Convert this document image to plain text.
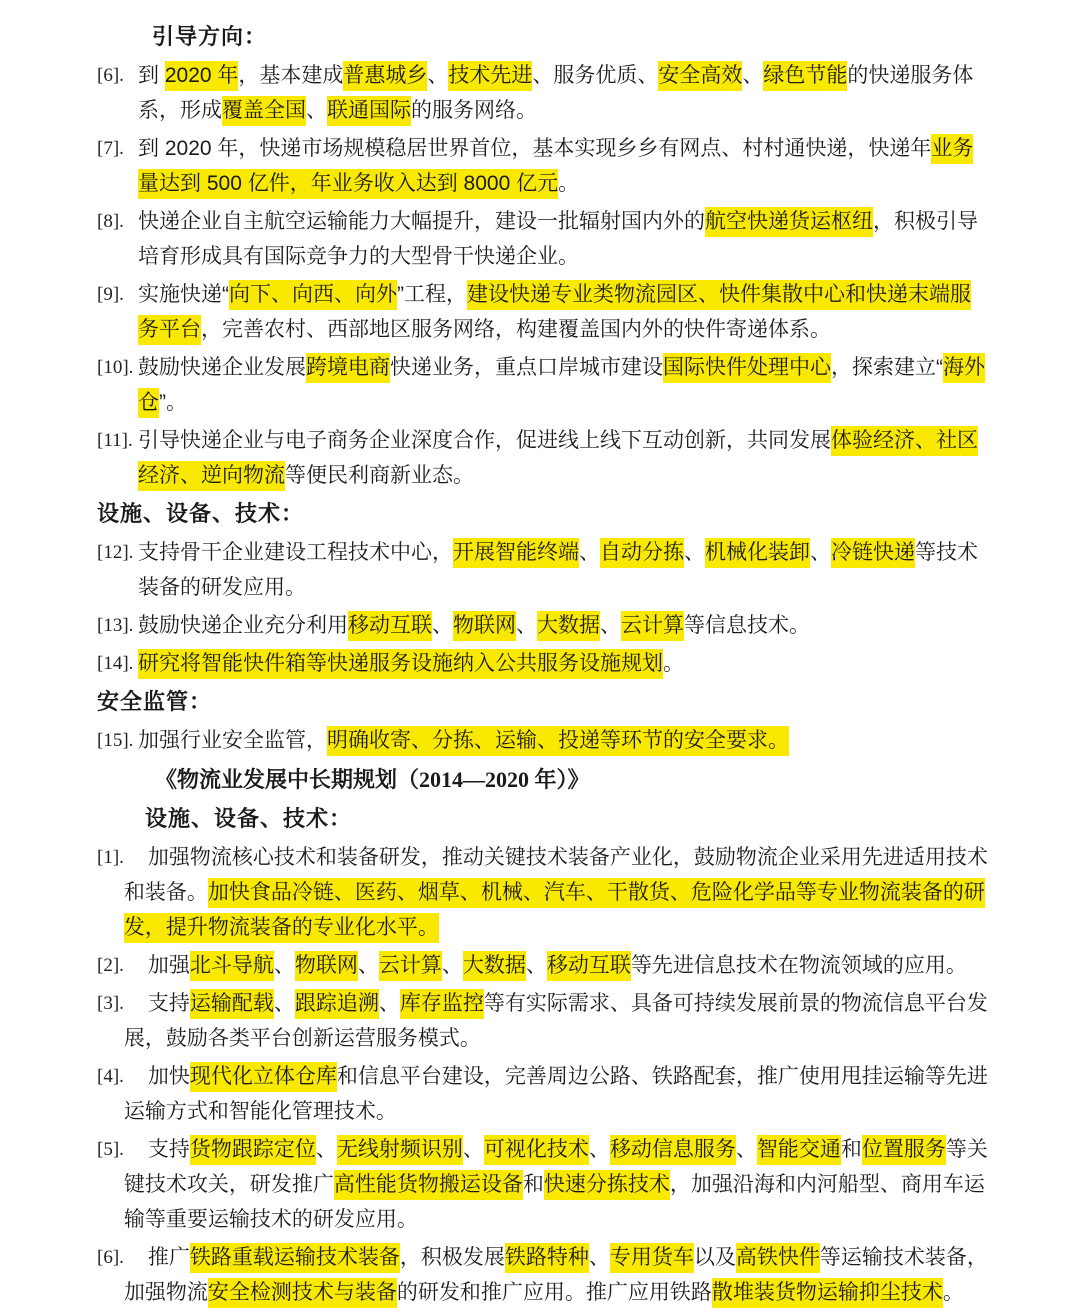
引导方向：
[6]. 到 2020 年，基本建成普惠城乡、技术先进、服务优质、安全高效、绿色节能的快递服务体系，形成覆盖全国、联通国际的服务网络。
[7]. 到 2020 年，快递市场规模稳居世界首位，基本实现乡乡有网点、村村通快递，快递年业务量达到 500 亿件，年业务收入达到 8000 亿元。
[8]. 快递企业自主航空运输能力大幅提升，建设一批辐射国内外的航空快递货运枢纽，积极引导培育形成具有国际竞争力的大型骨干快递企业。
[9]. 实施快递“向下、向西、向外”工程，建设快递专业类物流园区、快件集散中心和快递末端服务平台，完善农村、西部地区服务网络，构建覆盖国内外的快件寄递体系。
[10]. 鼓励快递企业发展跨境电商快递业务，重点口岸城市建设国际快件处理中心，探索建立“海外仓”。
[11]. 引导快递企业与电子商务企业深度合作，促进线上线下互动创新，共同发展体验经济、社区经济、逆向物流等便民利商新业态。
设施、设备、技术：
[12]. 支持骨干企业建设工程技术中心，开展智能终端、自动分拣、机械化装卸、冷链快递等技术装备的研发应用。
[13]. 鼓励快递企业充分利用移动互联、物联网、大数据、云计算等信息技术。
[14]. 研究将智能快件箱等快递服务设施纳入公共服务设施规划。
安全监管：
[15]. 加强行业安全监管，明确收寄、分拣、运输、投递等环节的安全要求。
《物流业发展中长期规划（2014—2020 年）》
设施、设备、技术：
[1].	加强物流核心技术和装备研发，推动关键技术装备产业化，鼓励物流企业采用先进适用技术和装备。加快食品冷链、医药、烟草、机械、汽车、干散货、危险化学品等专业物流装备的研发，提升物流装备的专业化水平。
[2].	加强北斗导航、物联网、云计算、大数据、移动互联等先进信息技术在物流领域的应用。
[3].	支持运输配载、跟踪追溯、库存监控等有实际需求、具备可持续发展前景的物流信息平台发展，鼓励各类平台创新运营服务模式。
[4].	加快现代化立体仓库和信息平台建设，完善周边公路、铁路配套，推广使用甩挂运输等先进运输方式和智能化管理技术。
[5].	支持货物跟踪定位、无线射频识别、可视化技术、移动信息服务、智能交通和位置服务等关键技术攻关，研发推广高性能货物搬运设备和快速分拣技术，加强沿海和内河船型、商用车运输等重要运输技术的研发应用。
[6].	推广铁路重载运输技术装备，积极发展铁路特种、专用货车以及高铁快件等运输技术装备，加强物流安全检测技术与装备的研发和推广应用。推广应用铁路散堆装货物运输抑尘技术。
